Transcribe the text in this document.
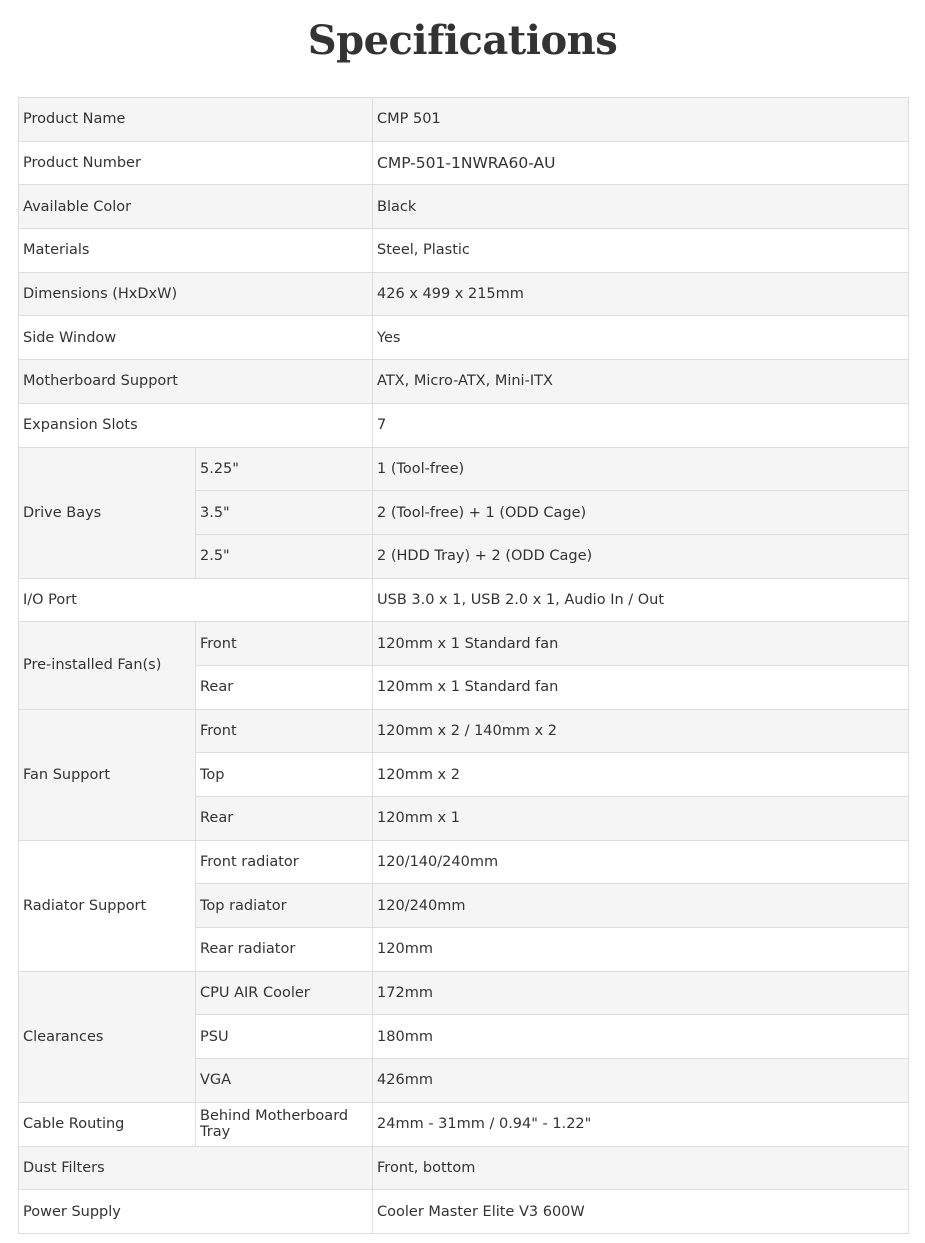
Specifications
Product Name		CMP 501
Product Number		CMP-501-1NWRA60-AU
Available Color		Black
Materials		Steel, Plastic
Dimensions (HxDxW)		426 x 499 x 215mm
Side Window		Yes
Motherboard Support		ATX, Micro-ATX, Mini-ITX
Expansion Slots		7
Drive Bays	5.25"	1 (Tool-free)
	3.5"	2 (Tool-free) + 1 (ODD Cage)
	2.5"	2 (HDD Tray) + 2 (ODD Cage)
I/O Port		USB 3.0 x 1, USB 2.0 x 1, Audio In / Out
Pre-installed Fan(s)	Front	120mm x 1 Standard fan
	Rear	120mm x 1 Standard fan
Fan Support	Front	120mm x 2 / 140mm x 2
	Top	120mm x 2
	Rear	120mm x 1
Radiator Support	Front radiator	120/140/240mm
	Top radiator	120/240mm
	Rear radiator	120mm
Clearances	CPU AIR Cooler	172mm
	PSU	180mm
	VGA	426mm
Cable Routing	Behind Motherboard Tray	24mm - 31mm / 0.94" - 1.22"
Dust Filters		Front, bottom
Power Supply		Cooler Master Elite V3 600W
